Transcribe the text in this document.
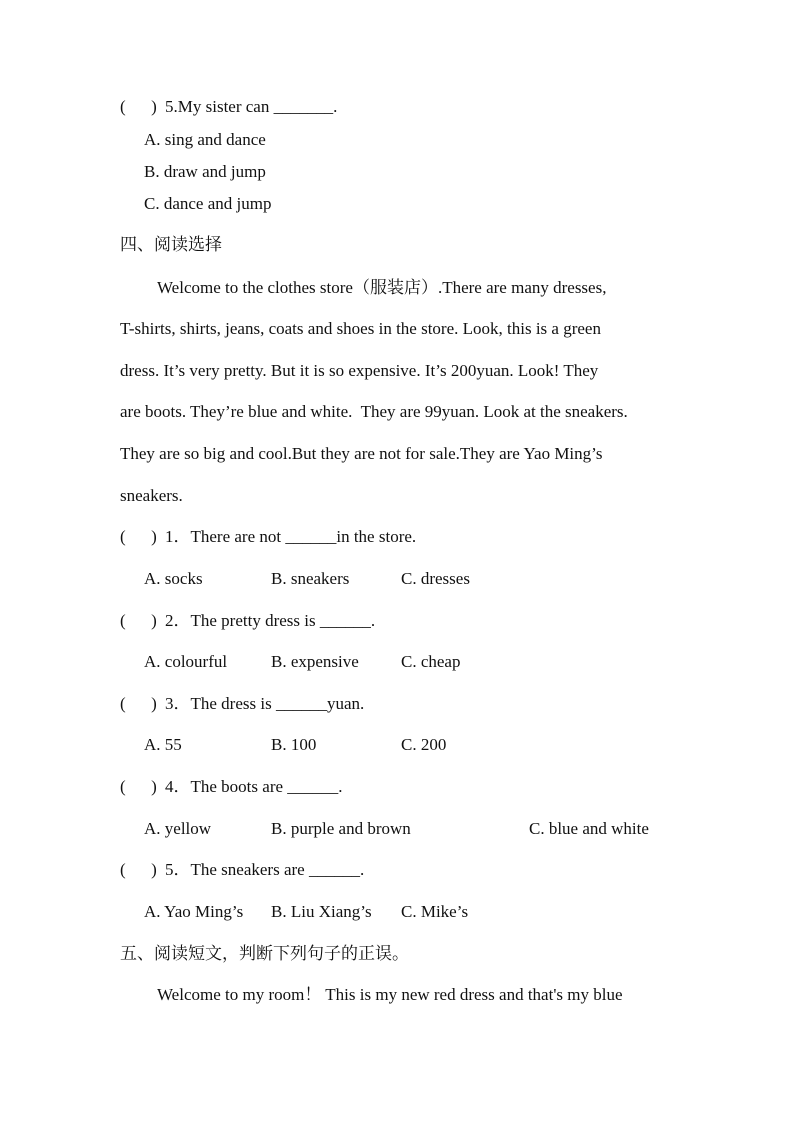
(      ) 5.My sister can _______.
A. sing and dance
B. draw and jump
C. dance and jump
四、阅读选择
Welcome to the clothes store（服装店）.There are many dresses,
T-shirts, shirts, jeans, coats and shoes in the store. Look, this is a green
dress. It’s very pretty. But it is so expensive. It’s 200yuan. Look! They
are boots. They’re blue and white.  They are 99yuan. Look at the sneakers.
They are so big and cool.But they are not for sale.They are Yao Ming’s
sneakers.
(      ) 1．There are not ______in the store.
A. socks	B. sneakers	C. dresses
(      ) 2．The pretty dress is ______.
A. colourful	B. expensive C. cheap
(      ) 3．The dress is ______yuan.
A. 55	B. 100	C. 200
(      ) 4．The boots are ______.
A. yellow	B. purple and brown	C. blue and white
(      ) 5．The sneakers are ______.
A. Yao Ming’s B. Liu Xiang’s C. Mike’s
五、阅读短文，判断下列句子的正误。
Welcome to my room！ This is my new red dress and that's my blue
